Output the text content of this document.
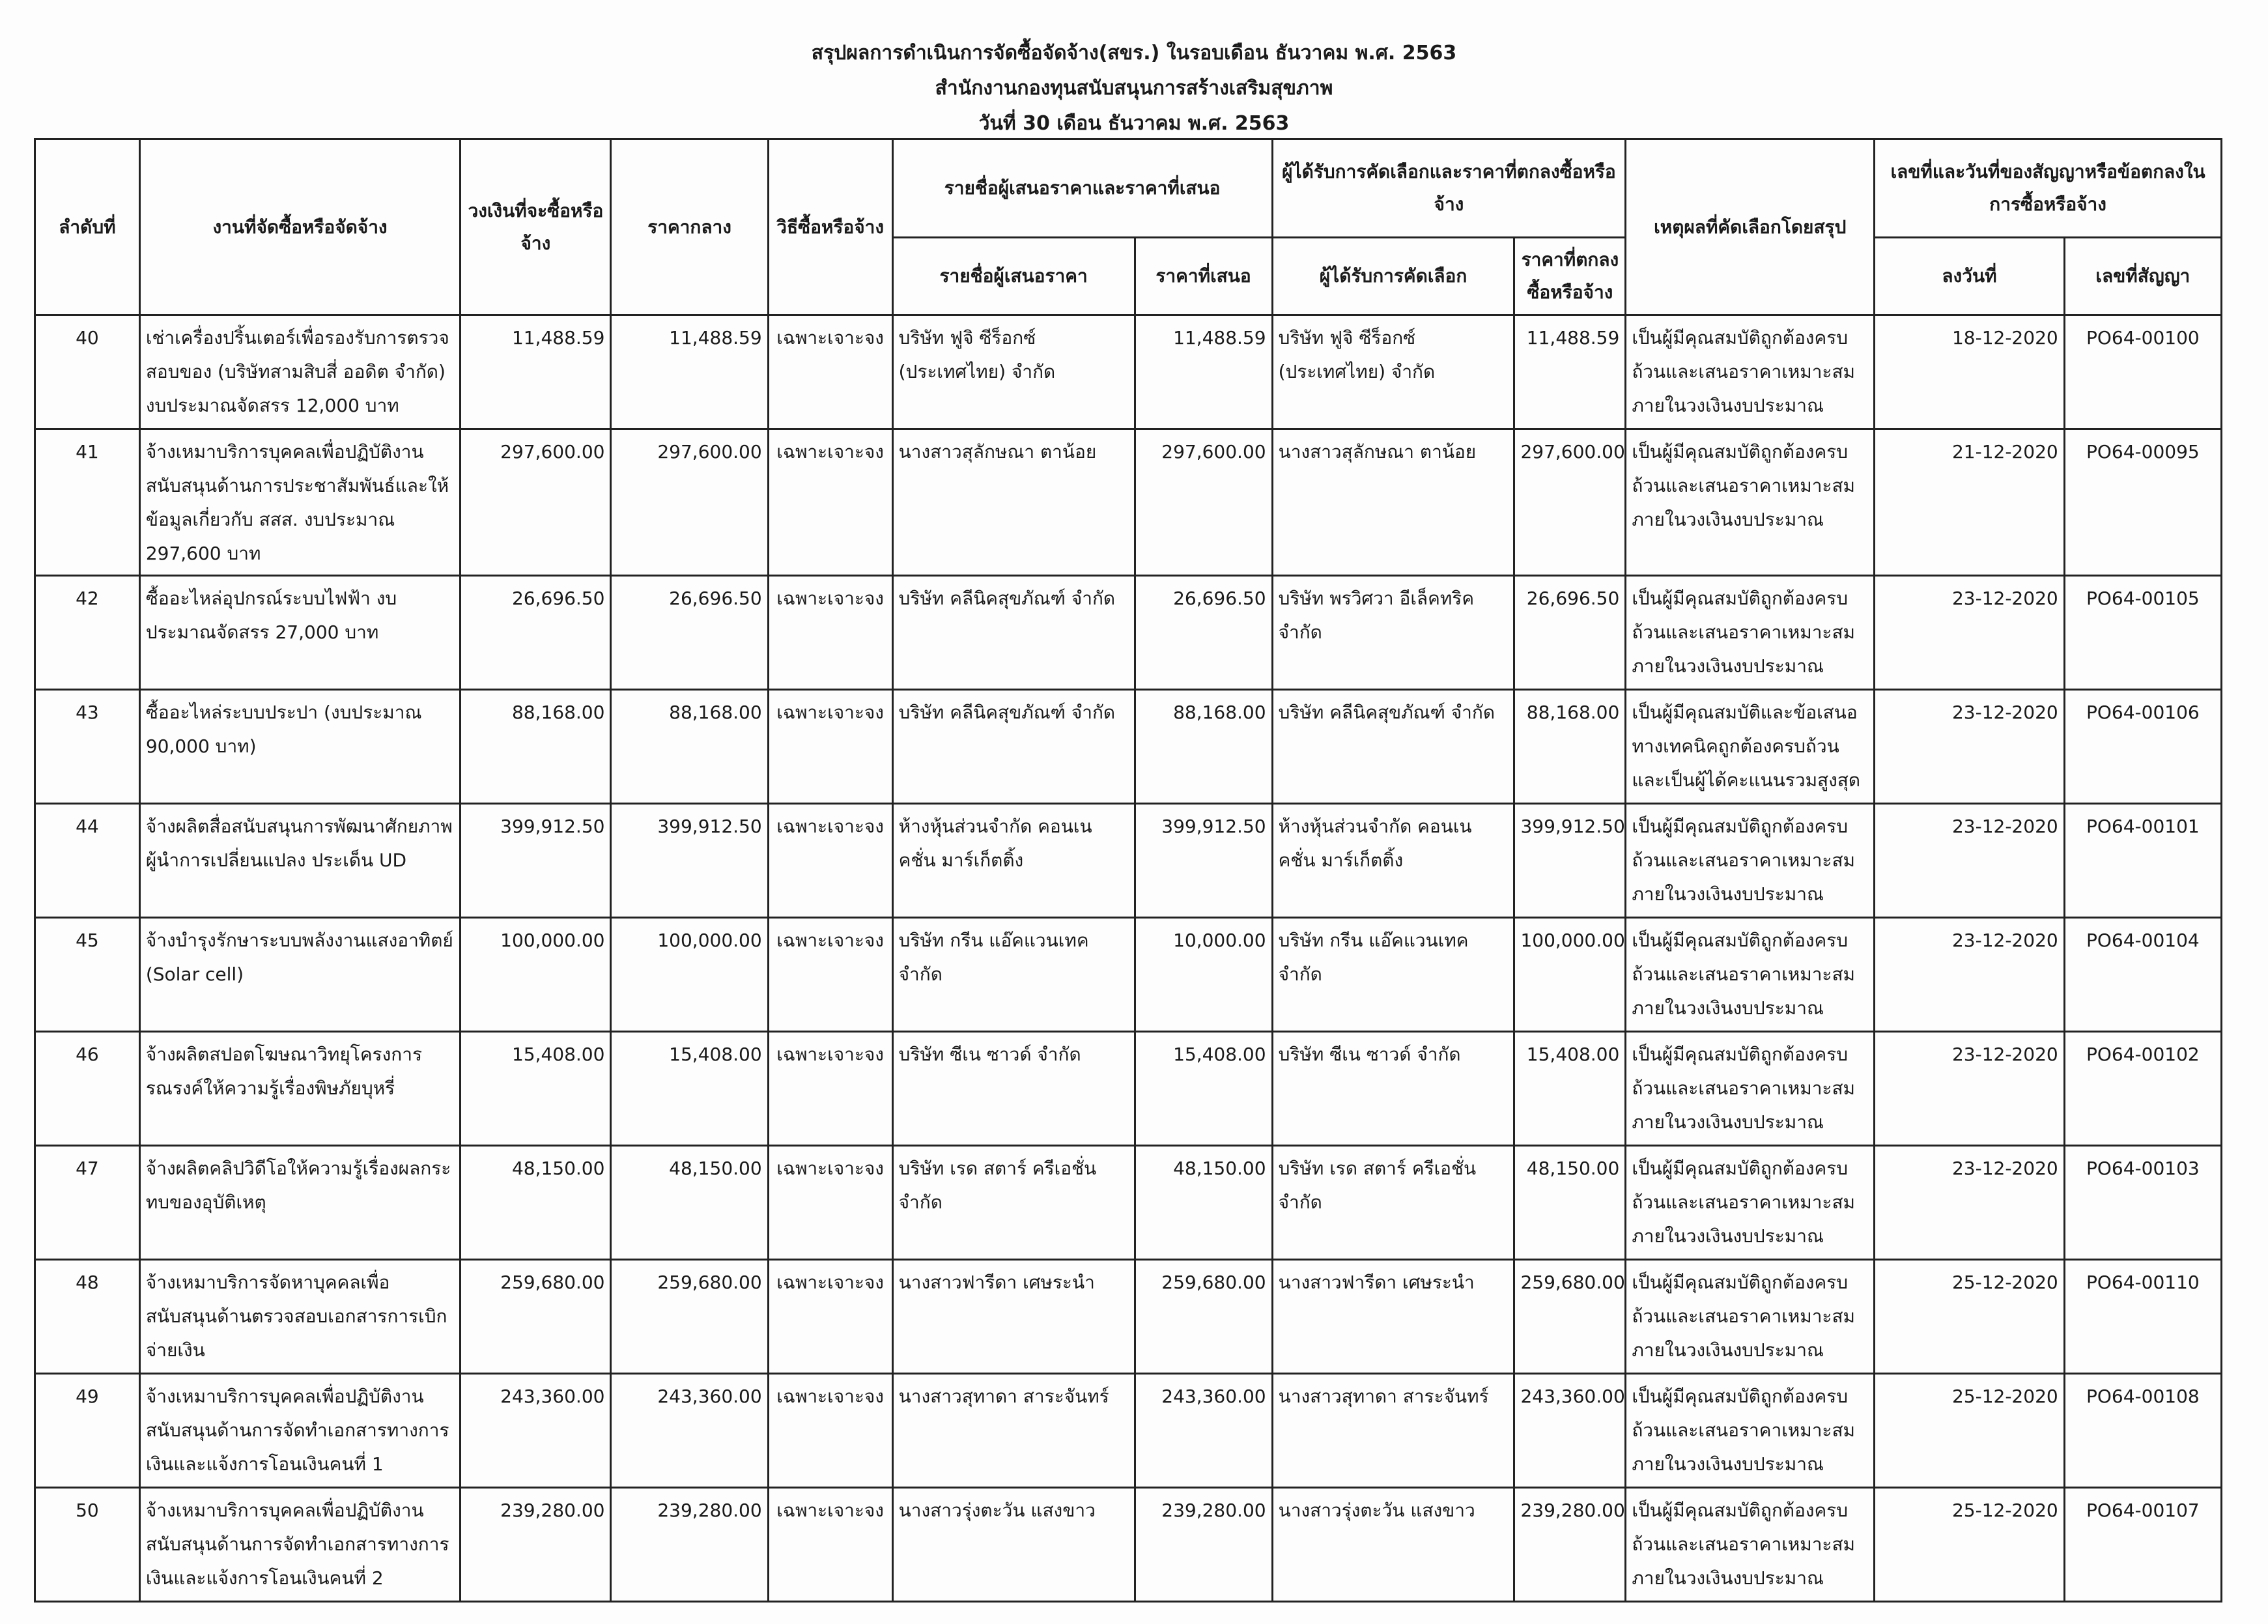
สรุปผลการดำเนินการจัดซื้อจัดจ้าง(สขร.) ในรอบเดือน ธันวาคม พ.ศ. 2563
สำนักงานกองทุนสนับสนุนการสร้างเสริมสุขภาพ
วันที่ 30 เดือน ธันวาคม พ.ศ. 2563
ลำดับที่	งานที่จัดซื้อหรือจัดจ้าง	วงเงินที่จะซื้อหรือจ้าง	ราคากลาง	วิธีซื้อหรือจ้าง	รายชื่อผู้เสนอราคาและราคาที่เสนอ		ผู้ได้รับการคัดเลือกและราคาที่ตกลงซื้อหรือจ้าง		เหตุผลที่คัดเลือกโดยสรุป	เลขที่และวันที่ของสัญญาหรือข้อตกลงในการซื้อหรือจ้าง	
					รายชื่อผู้เสนอราคา	ราคาที่เสนอ	ผู้ได้รับการคัดเลือก	ราคาที่ตกลงซื้อหรือจ้าง		ลงวันที่	เลขที่สัญญา
40	เช่าเครื่องปริ้นเตอร์เพื่อรองรับการตรวจสอบของ (บริษัทสามสิบสี่ ออดิต จำกัด) งบประมาณจัดสรร 12,000 บาท	11,488.59	11,488.59	เฉพาะเจาะจง	บริษัท ฟูจิ ซีร็อกซ์ (ประเทศไทย) จำกัด	11,488.59	บริษัท ฟูจิ ซีร็อกซ์ (ประเทศไทย) จำกัด	11,488.59	เป็นผู้มีคุณสมบัติถูกต้องครบถ้วนและเสนอราคาเหมาะสมภายในวงเงินงบประมาณ	18-12-2020	PO64-00100
41	จ้างเหมาบริการบุคคลเพื่อปฏิบัติงานสนับสนุนด้านการประชาสัมพันธ์และให้ข้อมูลเกี่ยวกับ สสส. งบประมาณ 297,600 บาท	297,600.00	297,600.00	เฉพาะเจาะจง	นางสาวสุลักษณา ตาน้อย	297,600.00	นางสาวสุลักษณา ตาน้อย	297,600.00	เป็นผู้มีคุณสมบัติถูกต้องครบถ้วนและเสนอราคาเหมาะสมภายในวงเงินงบประมาณ	21-12-2020	PO64-00095
42	ซื้ออะไหล่อุปกรณ์ระบบไฟฟ้า งบประมาณจัดสรร 27,000 บาท	26,696.50	26,696.50	เฉพาะเจาะจง	บริษัท คลีนิคสุขภัณฑ์ จำกัด	26,696.50	บริษัท พรวิศวา อีเล็คทริค จำกัด	26,696.50	เป็นผู้มีคุณสมบัติถูกต้องครบถ้วนและเสนอราคาเหมาะสมภายในวงเงินงบประมาณ	23-12-2020	PO64-00105
43	ซื้ออะไหล่ระบบประปา (งบประมาณ 90,000 บาท)	88,168.00	88,168.00	เฉพาะเจาะจง	บริษัท คลีนิคสุขภัณฑ์ จำกัด	88,168.00	บริษัท คลีนิคสุขภัณฑ์ จำกัด	88,168.00	เป็นผู้มีคุณสมบัติและข้อเสนอทางเทคนิคถูกต้องครบถ้วนและเป็นผู้ได้คะแนนรวมสูงสุด	23-12-2020	PO64-00106
44	จ้างผลิตสื่อสนับสนุนการพัฒนาศักยภาพผู้นำการเปลี่ยนแปลง ประเด็น UD	399,912.50	399,912.50	เฉพาะเจาะจง	ห้างหุ้นส่วนจำกัด คอนเนคชั่น มาร์เก็ตติ้ง	399,912.50	ห้างหุ้นส่วนจำกัด คอนเนคชั่น มาร์เก็ตติ้ง	399,912.50	เป็นผู้มีคุณสมบัติถูกต้องครบถ้วนและเสนอราคาเหมาะสมภายในวงเงินงบประมาณ	23-12-2020	PO64-00101
45	จ้างบำรุงรักษาระบบพลังงานแสงอาทิตย์ (Solar cell)	100,000.00	100,000.00	เฉพาะเจาะจง	บริษัท กรีน แอ๊คแวนเทค จำกัด	10,000.00	บริษัท กรีน แอ๊คแวนเทค จำกัด	100,000.00	เป็นผู้มีคุณสมบัติถูกต้องครบถ้วนและเสนอราคาเหมาะสมภายในวงเงินงบประมาณ	23-12-2020	PO64-00104
46	จ้างผลิตสปอตโฆษณาวิทยุโครงการรณรงค์ให้ความรู้เรื่องพิษภัยบุหรี่	15,408.00	15,408.00	เฉพาะเจาะจง	บริษัท ซีเน ซาวด์ จำกัด	15,408.00	บริษัท ซีเน ซาวด์ จำกัด	15,408.00	เป็นผู้มีคุณสมบัติถูกต้องครบถ้วนและเสนอราคาเหมาะสมภายในวงเงินงบประมาณ	23-12-2020	PO64-00102
47	จ้างผลิตคลิปวิดีโอให้ความรู้เรื่องผลกระทบของอุบัติเหตุ	48,150.00	48,150.00	เฉพาะเจาะจง	บริษัท เรด สตาร์ ครีเอชั่น จำกัด	48,150.00	บริษัท เรด สตาร์ ครีเอชั่น จำกัด	48,150.00	เป็นผู้มีคุณสมบัติถูกต้องครบถ้วนและเสนอราคาเหมาะสมภายในวงเงินงบประมาณ	23-12-2020	PO64-00103
48	จ้างเหมาบริการจัดหาบุคคลเพื่อสนับสนุนด้านตรวจสอบเอกสารการเบิกจ่ายเงิน	259,680.00	259,680.00	เฉพาะเจาะจง	นางสาวฟารีดา เศษระนำ	259,680.00	นางสาวฟารีดา เศษระนำ	259,680.00	เป็นผู้มีคุณสมบัติถูกต้องครบถ้วนและเสนอราคาเหมาะสมภายในวงเงินงบประมาณ	25-12-2020	PO64-00110
49	จ้างเหมาบริการบุคคลเพื่อปฏิบัติงานสนับสนุนด้านการจัดทำเอกสารทางการเงินและแจ้งการโอนเงินคนที่ 1	243,360.00	243,360.00	เฉพาะเจาะจง	นางสาวสุทาดา สาระจันทร์	243,360.00	นางสาวสุทาดา สาระจันทร์	243,360.00	เป็นผู้มีคุณสมบัติถูกต้องครบถ้วนและเสนอราคาเหมาะสมภายในวงเงินงบประมาณ	25-12-2020	PO64-00108
50	จ้างเหมาบริการบุคคลเพื่อปฏิบัติงานสนับสนุนด้านการจัดทำเอกสารทางการเงินและแจ้งการโอนเงินคนที่ 2	239,280.00	239,280.00	เฉพาะเจาะจง	นางสาวรุ่งตะวัน แสงขาว	239,280.00	นางสาวรุ่งตะวัน แสงขาว	239,280.00	เป็นผู้มีคุณสมบัติถูกต้องครบถ้วนและเสนอราคาเหมาะสมภายในวงเงินงบประมาณ	25-12-2020	PO64-00107
